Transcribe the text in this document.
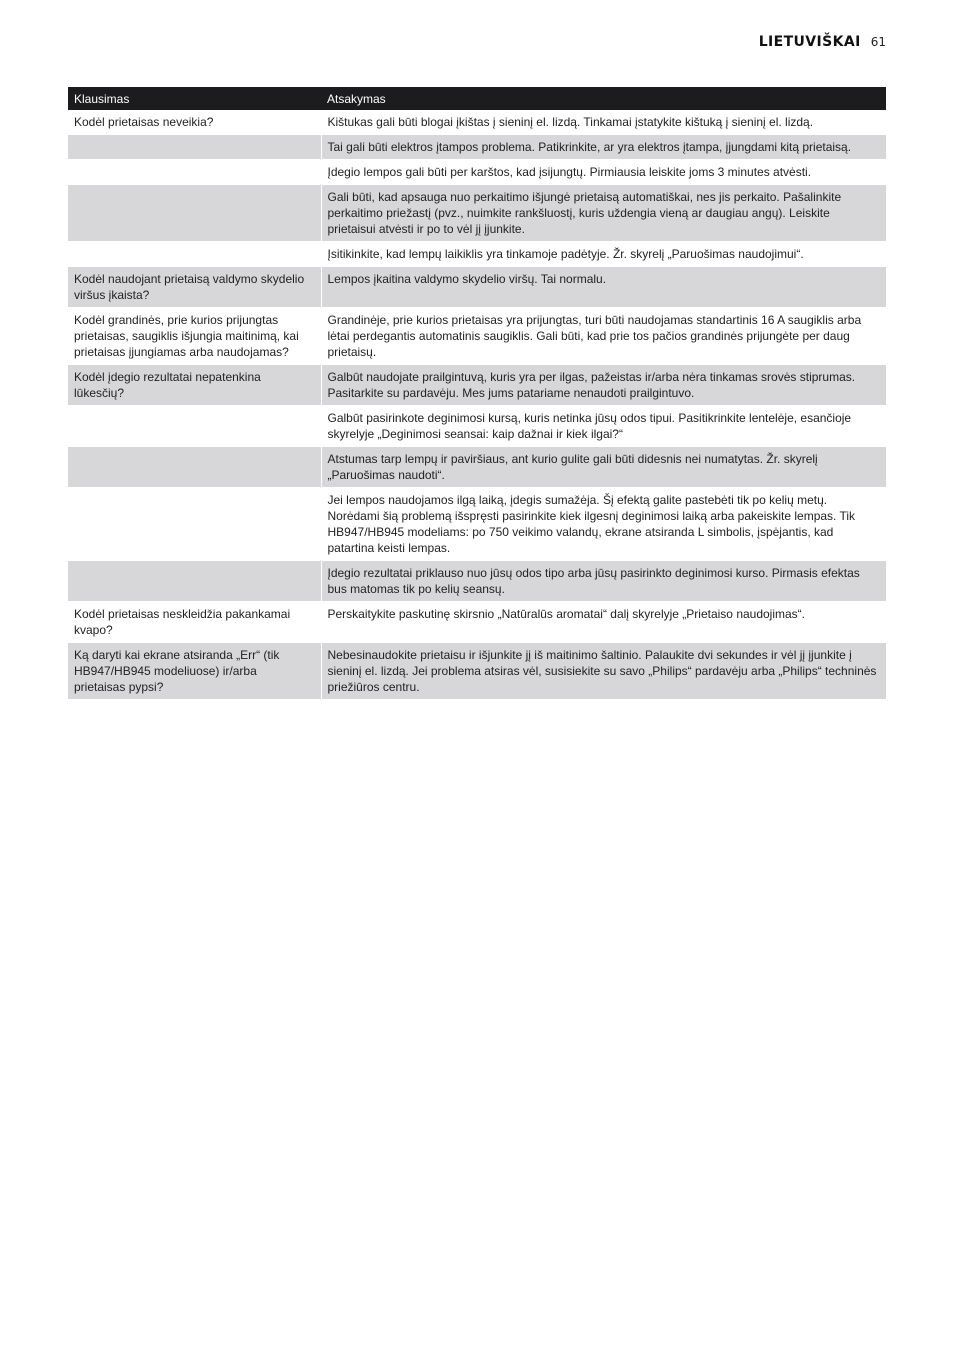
LIETUVIŠKAI 61
Klausimas	Atsakymas
Kodėl prietaisas neveikia?	Kištukas gali būti blogai įkištas į sieninį el. lizdą. Tinkamai įstatykite kištuką į sieninį el. lizdą.
	Tai gali būti elektros įtampos problema. Patikrinkite, ar yra elektros įtampa, įjungdami kitą prietaisą.
	Įdegio lempos gali būti per karštos, kad įsijungtų. Pirmiausia leiskite joms 3 minutes atvėsti.
	Gali būti, kad apsauga nuo perkaitimo išjungė prietaisą automatiškai, nes jis perkaito. Pašalinkite perkaitimo priežastį (pvz., nuimkite rankšluostį, kuris uždengia vieną ar daugiau angų). Leiskite prietaisui atvėsti ir po to vėl jį įjunkite.
	Įsitikinkite, kad lempų laikiklis yra tinkamoje padėtyje. Žr. skyrelį „Paruošimas naudojimui“.
Kodėl naudojant prietaisą valdymo skydelio viršus įkaista?	Lempos įkaitina valdymo skydelio viršų. Tai normalu.
Kodėl grandinės, prie kurios prijungtas prietaisas, saugiklis išjungia maitinimą, kai prietaisas įjungiamas arba naudojamas?	Grandinėje, prie kurios prietaisas yra prijungtas, turi būti naudojamas standartinis 16 A saugiklis arba lėtai perdegantis automatinis saugiklis. Gali būti, kad prie tos pačios grandinės prijungėte per daug prietaisų.
Kodėl įdegio rezultatai nepatenkina lūkesčių?	Galbūt naudojate prailgintuvą, kuris yra per ilgas, pažeistas ir/arba nėra tinkamas srovės stiprumas. Pasitarkite su pardavėju. Mes jums patariame nenaudoti prailgintuvo.
	Galbūt pasirinkote deginimosi kursą, kuris netinka jūsų odos tipui. Pasitikrinkite lentelėje, esančioje skyrelyje „Deginimosi seansai: kaip dažnai ir kiek ilgai?“
	Atstumas tarp lempų ir paviršiaus, ant kurio gulite gali būti didesnis nei numatytas. Žr. skyrelį „Paruošimas naudoti“.
	Jei lempos naudojamos ilgą laiką, įdegis sumažėja. Šį efektą galite pastebėti tik po kelių metų. Norėdami šią problemą išspręsti pasirinkite kiek ilgesnį deginimosi laiką arba pakeiskite lempas. Tik HB947/HB945 modeliams: po 750 veikimo valandų, ekrane atsiranda L simbolis, įspėjantis, kad patartina keisti lempas.
	Įdegio rezultatai priklauso nuo jūsų odos tipo arba jūsų pasirinkto deginimosi kurso. Pirmasis efektas bus matomas tik po kelių seansų.
Kodėl prietaisas neskleidžia pakankamai kvapo?	Perskaitykite paskutinę skirsnio „Natūralūs aromatai“ dalį skyrelyje „Prietaiso naudojimas“.
Ką daryti kai ekrane atsiranda „Err“ (tik HB947/HB945 modeliuose) ir/arba prietaisas pypsi?	Nebesinaudokite prietaisu ir išjunkite jį iš maitinimo šaltinio. Palaukite dvi sekundes ir vėl jį įjunkite į sieninį el. lizdą. Jei problema atsiras vėl, susisiekite su savo „Philips“ pardavėju arba „Philips“ techninės priežiūros centru.
